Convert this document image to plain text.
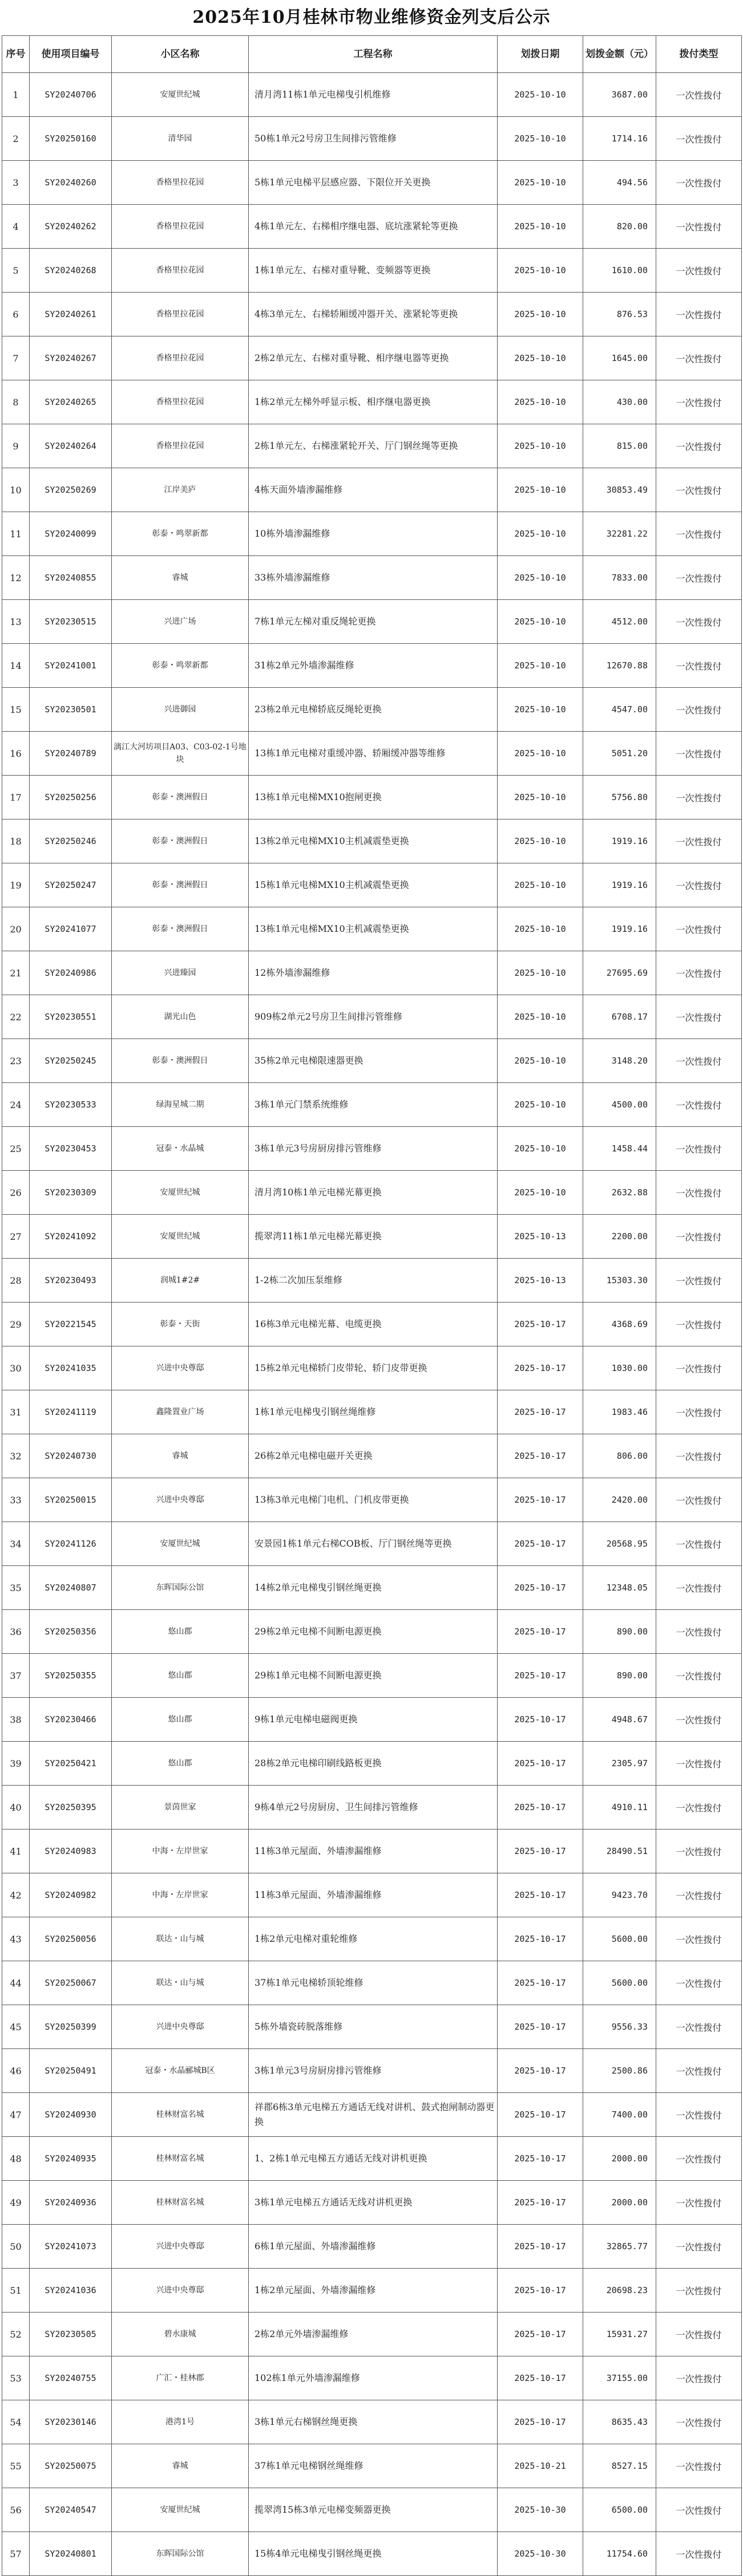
2025年10月桂林市物业维修资金列支后公示
序号	使用项目编号	小区名称	工程名称	划拨日期	划拨金额（元）	拨付类型
1	SY20240706	安厦世纪城	清月湾11栋1单元电梯曳引机维修	2025-10-10	3687.00	一次性拨付
2	SY20250160	清华园	50栋1单元2号房卫生间排污管维修	2025-10-10	1714.16	一次性拨付
3	SY20240260	香格里拉花园	5栋1单元电梯平层感应器、下限位开关更换	2025-10-10	494.56	一次性拨付
4	SY20240262	香格里拉花园	4栋1单元左、右梯相序继电器、底坑涨紧轮等更换	2025-10-10	820.00	一次性拨付
5	SY20240268	香格里拉花园	1栋1单元左、右梯对重导靴、变频器等更换	2025-10-10	1610.00	一次性拨付
6	SY20240261	香格里拉花园	4栋3单元左、右梯轿厢缓冲器开关、涨紧轮等更换	2025-10-10	876.53	一次性拨付
7	SY20240267	香格里拉花园	2栋2单元左、右梯对重导靴、相序继电器等更换	2025-10-10	1645.00	一次性拨付
8	SY20240265	香格里拉花园	1栋2单元左梯外呼显示板、相序继电器更换	2025-10-10	430.00	一次性拨付
9	SY20240264	香格里拉花园	2栋1单元左、右梯涨紧轮开关、厅门钢丝绳等更换	2025-10-10	815.00	一次性拨付
10	SY20250269	江岸美庐	4栋天面外墙渗漏维修	2025-10-10	30853.49	一次性拨付
11	SY20240099	彰泰・鸣翠新都	10栋外墙渗漏维修	2025-10-10	32281.22	一次性拨付
12	SY20240855	睿城	33栋外墙渗漏维修	2025-10-10	7833.00	一次性拨付
13	SY20230515	兴进广场	7栋1单元左梯对重反绳轮更换	2025-10-10	4512.00	一次性拨付
14	SY20241001	彰泰・鸣翠新都	31栋2单元外墙渗漏维修	2025-10-10	12670.88	一次性拨付
15	SY20230501	兴进御园	23栋2单元电梯轿底反绳轮更换	2025-10-10	4547.00	一次性拨付
16	SY20240789	漓江大河坊项目A03、C03-02-1号地块	13栋1单元电梯对重缓冲器、轿厢缓冲器等维修	2025-10-10	5051.20	一次性拨付
17	SY20250256	彰泰・澳洲假日	13栋1单元电梯MX10抱闸更换	2025-10-10	5756.80	一次性拨付
18	SY20250246	彰泰・澳洲假日	13栋2单元电梯MX10主机减震垫更换	2025-10-10	1919.16	一次性拨付
19	SY20250247	彰泰・澳洲假日	15栋1单元电梯MX10主机减震垫更换	2025-10-10	1919.16	一次性拨付
20	SY20241077	彰泰・澳洲假日	13栋1单元电梯MX10主机减震垫更换	2025-10-10	1919.16	一次性拨付
21	SY20240986	兴进臻园	12栋外墙渗漏维修	2025-10-10	27695.69	一次性拨付
22	SY20230551	湖光山色	909栋2单元2号房卫生间排污管维修	2025-10-10	6708.17	一次性拨付
23	SY20250245	彰泰・澳洲假日	35栋2单元电梯限速器更换	2025-10-10	3148.20	一次性拨付
24	SY20230533	绿海星城二期	3栋1单元门禁系统维修	2025-10-10	4500.00	一次性拨付
25	SY20230453	冠泰・水晶城	3栋1单元3号房厨房排污管维修	2025-10-10	1458.44	一次性拨付
26	SY20230309	安厦世纪城	清月湾10栋1单元电梯光幕更换	2025-10-10	2632.88	一次性拨付
27	SY20241092	安厦世纪城	揽翠湾11栋1单元电梯光幕更换	2025-10-13	2200.00	一次性拨付
28	SY20230493	润城1#2#	1-2栋二次加压泵维修	2025-10-13	15303.30	一次性拨付
29	SY20221545	彰泰・天街	16栋3单元电梯光幕、电缆更换	2025-10-17	4368.69	一次性拨付
30	SY20241035	兴进中央尊邸	15栋2单元电梯轿门皮带轮、轿门皮带更换	2025-10-17	1030.00	一次性拨付
31	SY20241119	鑫隆置业广场	1栋1单元电梯曳引钢丝绳维修	2025-10-17	1983.46	一次性拨付
32	SY20240730	睿城	26栋2单元电梯电磁开关更换	2025-10-17	806.00	一次性拨付
33	SY20250015	兴进中央尊邸	13栋3单元电梯门电机、门机皮带更换	2025-10-17	2420.00	一次性拨付
34	SY20241126	安厦世纪城	安景园1栋1单元右梯COB板、厅门钢丝绳等更换	2025-10-17	20568.95	一次性拨付
35	SY20240807	东晖国际公馆	14栋2单元电梯曳引钢丝绳更换	2025-10-17	12348.05	一次性拨付
36	SY20250356	悠山郡	29栋2单元电梯不间断电源更换	2025-10-17	890.00	一次性拨付
37	SY20250355	悠山郡	29栋1单元电梯不间断电源更换	2025-10-17	890.00	一次性拨付
38	SY20230466	悠山郡	9栋1单元电梯电磁阀更换	2025-10-17	4948.67	一次性拨付
39	SY20250421	悠山郡	28栋2单元电梯印刷线路板更换	2025-10-17	2305.97	一次性拨付
40	SY20250395	景茵世家	9栋4单元2号房厨房、卫生间排污管维修	2025-10-17	4910.11	一次性拨付
41	SY20240983	中海・左岸世家	11栋3单元屋面、外墙渗漏维修	2025-10-17	28490.51	一次性拨付
42	SY20240982	中海・左岸世家	11栋3单元屋面、外墙渗漏维修	2025-10-17	9423.70	一次性拨付
43	SY20250056	联达・山与城	1栋2单元电梯对重轮维修	2025-10-17	5600.00	一次性拨付
44	SY20250067	联达・山与城	37栋1单元电梯轿顶轮维修	2025-10-17	5600.00	一次性拨付
45	SY20250399	兴进中央尊邸	5栋外墙瓷砖脱落维修	2025-10-17	9556.33	一次性拨付
46	SY20250491	冠泰・水晶郦城B区	3栋1单元3号房厨房排污管维修	2025-10-17	2500.86	一次性拨付
47	SY20240930	桂林财富名城	祥郡6栋3单元电梯五方通话无线对讲机、鼓式抱闸制动器更换	2025-10-17	7400.00	一次性拨付
48	SY20240935	桂林财富名城	1、2栋1单元电梯五方通话无线对讲机更换	2025-10-17	2000.00	一次性拨付
49	SY20240936	桂林财富名城	3栋1单元电梯五方通话无线对讲机更换	2025-10-17	2000.00	一次性拨付
50	SY20241073	兴进中央尊邸	6栋1单元屋面、外墙渗漏维修	2025-10-17	32865.77	一次性拨付
51	SY20241036	兴进中央尊邸	1栋2单元屋面、外墙渗漏维修	2025-10-17	20698.23	一次性拨付
52	SY20230505	碧水康城	2栋2单元外墙渗漏维修	2025-10-17	15931.27	一次性拨付
53	SY20240755	广汇・桂林郡	102栋1单元外墙渗漏维修	2025-10-17	37155.00	一次性拨付
54	SY20230146	港湾1号	3栋1单元右梯钢丝绳更换	2025-10-17	8635.43	一次性拨付
55	SY20250075	睿城	37栋1单元电梯钢丝绳维修	2025-10-21	8527.15	一次性拨付
56	SY20240547	安厦世纪城	揽翠湾15栋3单元电梯变频器更换	2025-10-30	6500.00	一次性拨付
57	SY20240801	东晖国际公馆	15栋4单元电梯曳引钢丝绳更换	2025-10-30	11754.60	一次性拨付
